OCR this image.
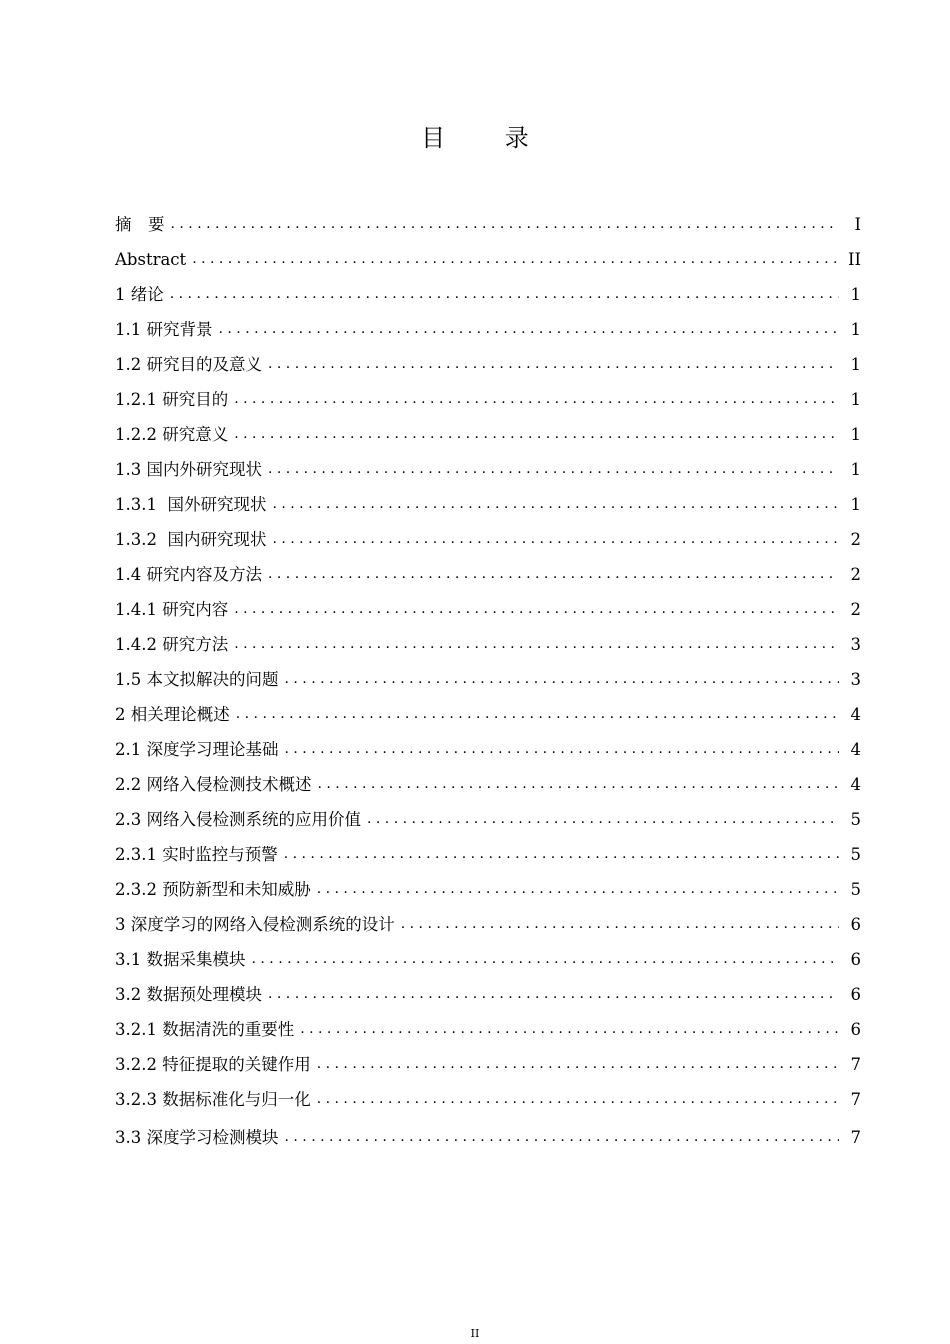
目 录
摘　要 . . .	I
Abstract . . .	II
1 绪论 . . .	1
1.1 研究背景 . . .	1
1.2 研究目的及意义 . . .	1
1.2.1 研究目的 . . .	1
1.2.2 研究意义 . . .	1
1.3 国内外研究现状 . . .	1
1.3.1  国外研究现状 . . .	1
1.3.2  国内研究现状 . . .	2
1.4 研究内容及方法 . . .	2
1.4.1 研究内容 . . .	2
1.4.2 研究方法 . . .	3
1.5 本文拟解决的问题 . . .	3
2 相关理论概述 . . .	4
2.1 深度学习理论基础 . . .	4
2.2 网络入侵检测技术概述 . . .	4
2.3 网络入侵检测系统的应用价值 . . .	5
2.3.1 实时监控与预警 . . .	5
2.3.2 预防新型和未知威胁 . . .	5
3 深度学习的网络入侵检测系统的设计 . . .	6
3.1 数据采集模块 . . .	6
3.2 数据预处理模块 . . .	6
3.2.1 数据清洗的重要性 . . .	6
3.2.2 特征提取的关键作用 . . .	7
3.2.3 数据标准化与归一化 . . .	7
3.3 深度学习检测模块 . . .	7
II
